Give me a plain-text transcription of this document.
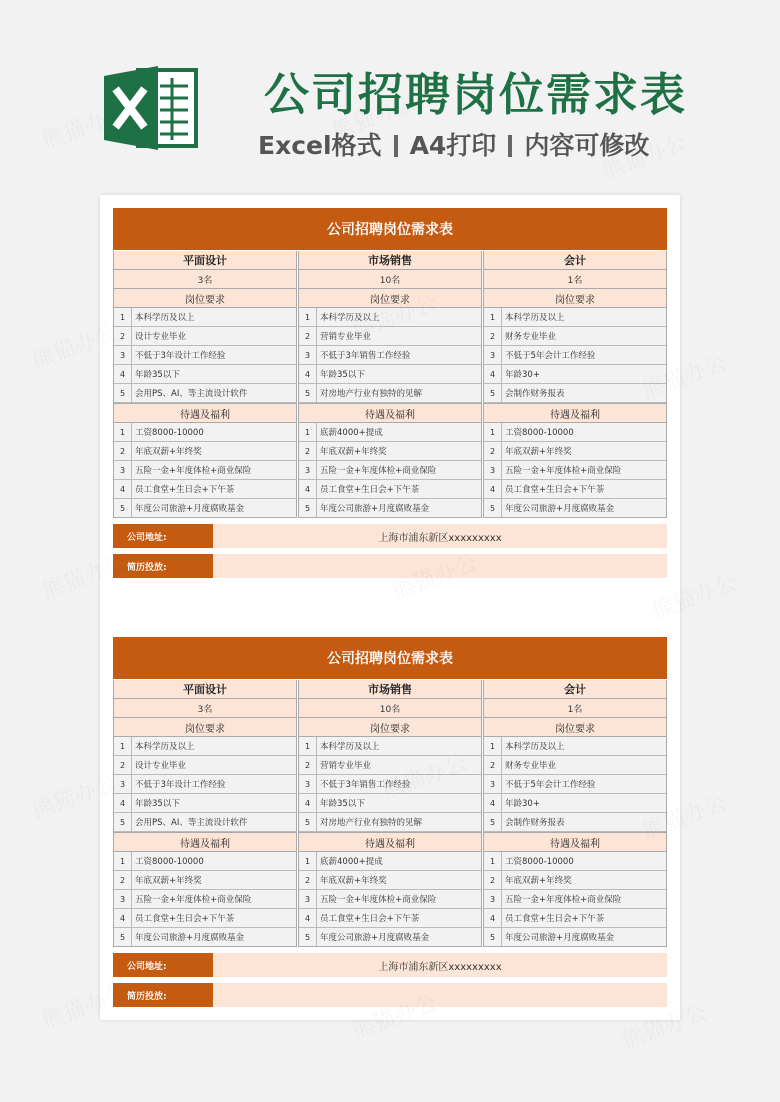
公司招聘岗位需求表

Excel格式 A4打印 内容可修改

公司招聘岗位需求表
平面设计
3名
岗位要求
1	本科学历及以上
2	设计专业毕业
3	不低于3年设计工作经验
4	年龄35以下
5	会用PS、AI、等主流设计软件
待遇及福利
1	工资8000-10000
2	年底双薪+年终奖
3	五险一金+年度体检+商业保险
4	员工食堂+生日会+下午茶
5	年度公司旅游+月度腐败基金
市场销售
10名
岗位要求
1	本科学历及以上
2	营销专业毕业
3	不低于3年销售工作经验
4	年龄35以下
5	对房地产行业有独特的见解
待遇及福利
1	底薪4000+提成
2	年底双薪+年终奖
3	五险一金+年度体检+商业保险
4	员工食堂+生日会+下午茶
5	年度公司旅游+月度腐败基金
会计
1名
岗位要求
1	本科学历及以上
2	财务专业毕业
3	不低于5年会计工作经验
4	年龄30+
5	会制作财务报表
待遇及福利
1	工资8000-10000
2	年底双薪+年终奖
3	五险一金+年度体检+商业保险
4	员工食堂+生日会+下午茶
5	年度公司旅游+月度腐败基金
公司地址:	上海市浦东新区xxxxxxxxx
简历投放:
公司招聘岗位需求表
平面设计
3名
岗位要求
1	本科学历及以上
2	设计专业毕业
3	不低于3年设计工作经验
4	年龄35以下
5	会用PS、AI、等主流设计软件
待遇及福利
1	工资8000-10000
2	年底双薪+年终奖
3	五险一金+年度体检+商业保险
4	员工食堂+生日会+下午茶
5	年度公司旅游+月度腐败基金
市场销售
10名
岗位要求
1	本科学历及以上
2	营销专业毕业
3	不低于3年销售工作经验
4	年龄35以下
5	对房地产行业有独特的见解
待遇及福利
1	底薪4000+提成
2	年底双薪+年终奖
3	五险一金+年度体检+商业保险
4	员工食堂+生日会+下午茶
5	年度公司旅游+月度腐败基金
会计
1名
岗位要求
1	本科学历及以上
2	财务专业毕业
3	不低于5年会计工作经验
4	年龄30+
5	会制作财务报表
待遇及福利
1	工资8000-10000
2	年底双薪+年终奖
3	五险一金+年度体检+商业保险
4	员工食堂+生日会+下午茶
5	年度公司旅游+月度腐败基金
公司地址:	上海市浦东新区xxxxxxxxx
简历投放:
